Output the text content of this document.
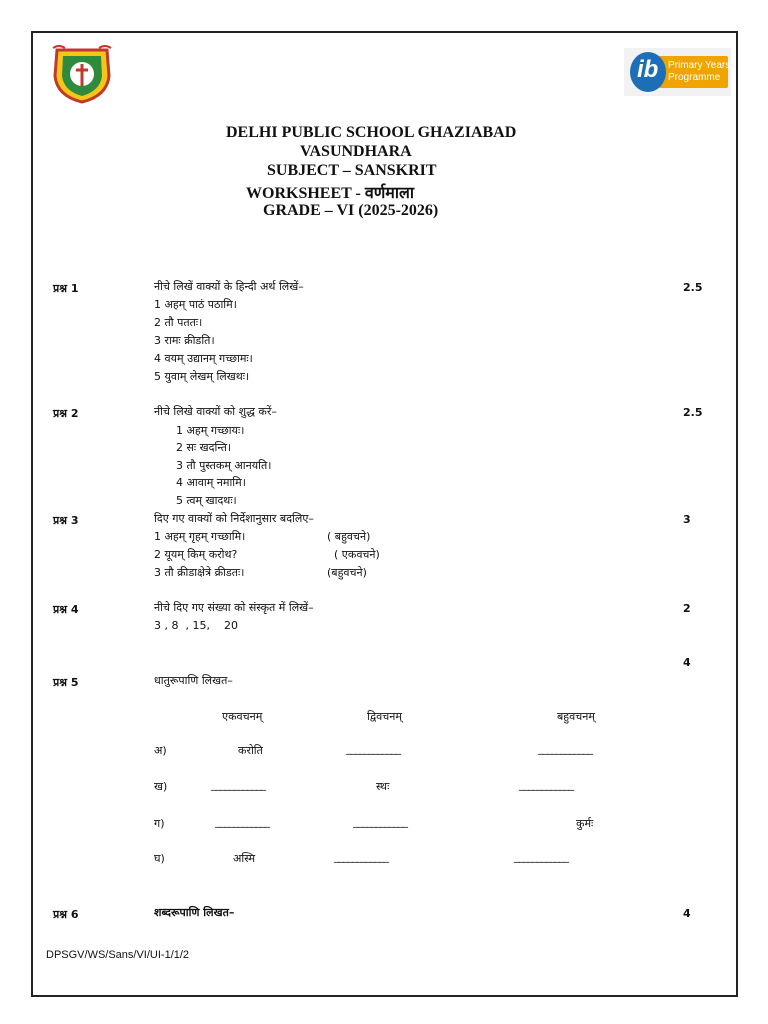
ib Primary Years
Programme
DELHI PUBLIC SCHOOL GHAZIABAD
VASUNDHARA
SUBJECT – SANSKRIT
WORKSHEET - वर्णमाला
GRADE – VI (2025-2026)
प्रश्न 1	नीचे लिखें वाक्यों के हिन्दी अर्थ लिखें–	2.5
1 अहम् पाठं पठामि।
2 तौ पततः।
3 रामः क्रीडति।
4 वयम् उद्यानम् गच्छामः।
5 युवाम् लेखम् लिखथः।
प्रश्न 2	नीचे लिखे वाक्यों को शुद्ध करें–	2.5
1 अहम् गच्छायः।
2 सः खदन्ति।
3 तौ पुस्तकम् आनयति।
4 आवाम् नमामि।
5 त्वम् खादथः।
प्रश्न 3	दिए गए वाक्यों को निर्देशानुसार बदलिए–	3
1 अहम् गृहम् गच्छामि।	( बहुवचने)
2 यूयम् किम् करोथ?	( एकवचने)
3 तौ क्रीडाक्षेत्रे क्रीडतः।	(बहुवचने)
प्रश्न 4	नीचे दिए गए संख्या को संस्कृत में लिखें–	2
3 , 8  , 15,    20
4
प्रश्न 5	धातुरूपाणि लिखत–
एकवचनम्	द्विवचनम्	बहुवचनम्
अ)	करोति	____________	____________
ख)	____________	स्थः	____________
ग)	____________	____________	कुर्मः
घ)	अस्मि	____________	____________
प्रश्न 6	शब्दरूपाणि लिखत–	4
DPSGV/WS/Sans/VI/UI-1/1/2
